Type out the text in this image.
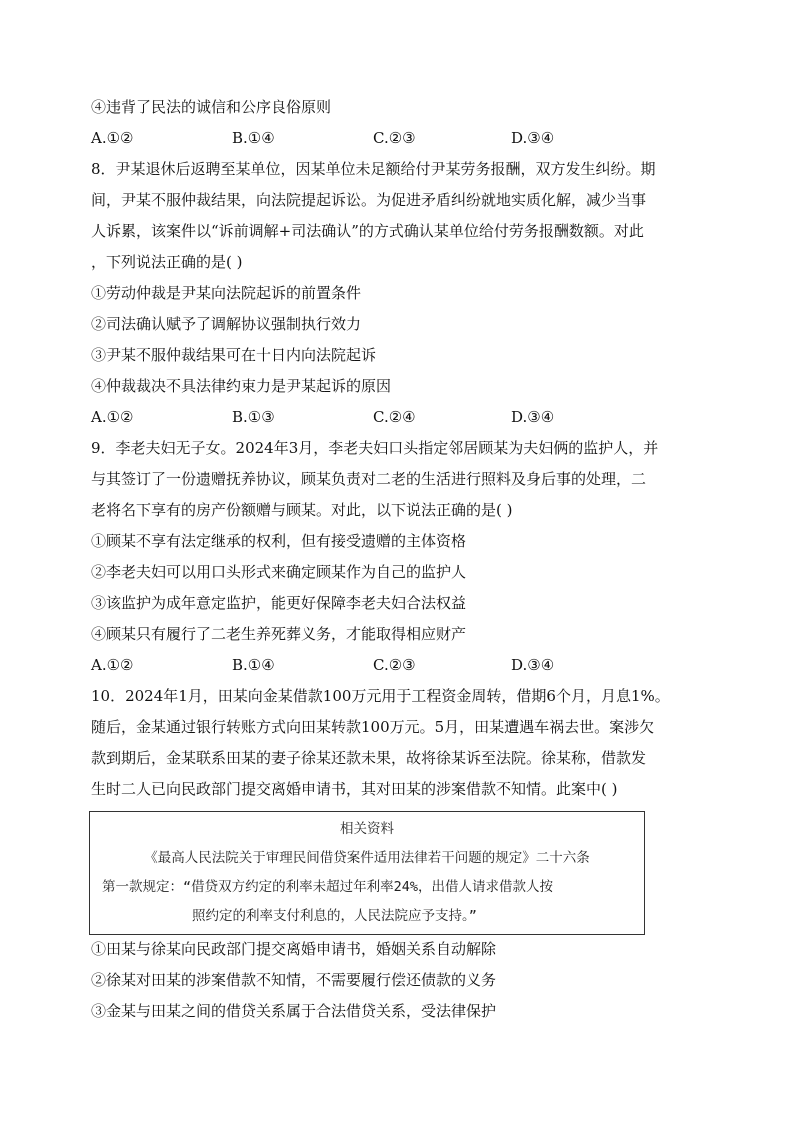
④违背了民法的诚信和公序良俗原则
A.①②	B.①④	C.②③	D.③④
8．尹某退休后返聘至某单位，因某单位未足额给付尹某劳务报酬，双方发生纠纷。期
间，尹某不服仲裁结果，向法院提起诉讼。为促进矛盾纠纷就地实质化解，减少当事
人诉累，该案件以“诉前调解+司法确认”的方式确认某单位给付劳务报酬数额。对此
，下列说法正确的是( )
①劳动仲裁是尹某向法院起诉的前置条件
②司法确认赋予了调解协议强制执行效力
③尹某不服仲裁结果可在十日内向法院起诉
④仲裁裁决不具法律约束力是尹某起诉的原因
A.①②	B.①③	C.②④	D.③④
9．李老夫妇无子女。2024年3月，李老夫妇口头指定邻居顾某为夫妇俩的监护人，并
与其签订了一份遗赠抚养协议，顾某负责对二老的生活进行照料及身后事的处理，二
老将名下享有的房产份额赠与顾某。对此，以下说法正确的是( )
①顾某不享有法定继承的权利，但有接受遗赠的主体资格
②李老夫妇可以用口头形式来确定顾某作为自己的监护人
③该监护为成年意定监护，能更好保障李老夫妇合法权益
④顾某只有履行了二老生养死葬义务，才能取得相应财产
A.①②	B.①④	C.②③	D.③④
10．2024年1月，田某向金某借款100万元用于工程资金周转，借期6个月，月息1%。
随后，金某通过银行转账方式向田某转款100万元。5月，田某遭遇车祸去世。案涉欠
款到期后，金某联系田某的妻子徐某还款未果，故将徐某诉至法院。徐某称，借款发
生时二人已向民政部门提交离婚申请书，其对田某的涉案借款不知情。此案中( )
相关资料
《最高人民法院关于审理民间借贷案件适用法律若干问题的规定》二十六条
第一款规定：“借贷双方约定的利率未超过年利率24%，出借人请求借款人按
照约定的利率支付利息的，人民法院应予支持。”
①田某与徐某向民政部门提交离婚申请书，婚姻关系自动解除
②徐某对田某的涉案借款不知情，不需要履行偿还债款的义务
③金某与田某之间的借贷关系属于合法借贷关系，受法律保护
